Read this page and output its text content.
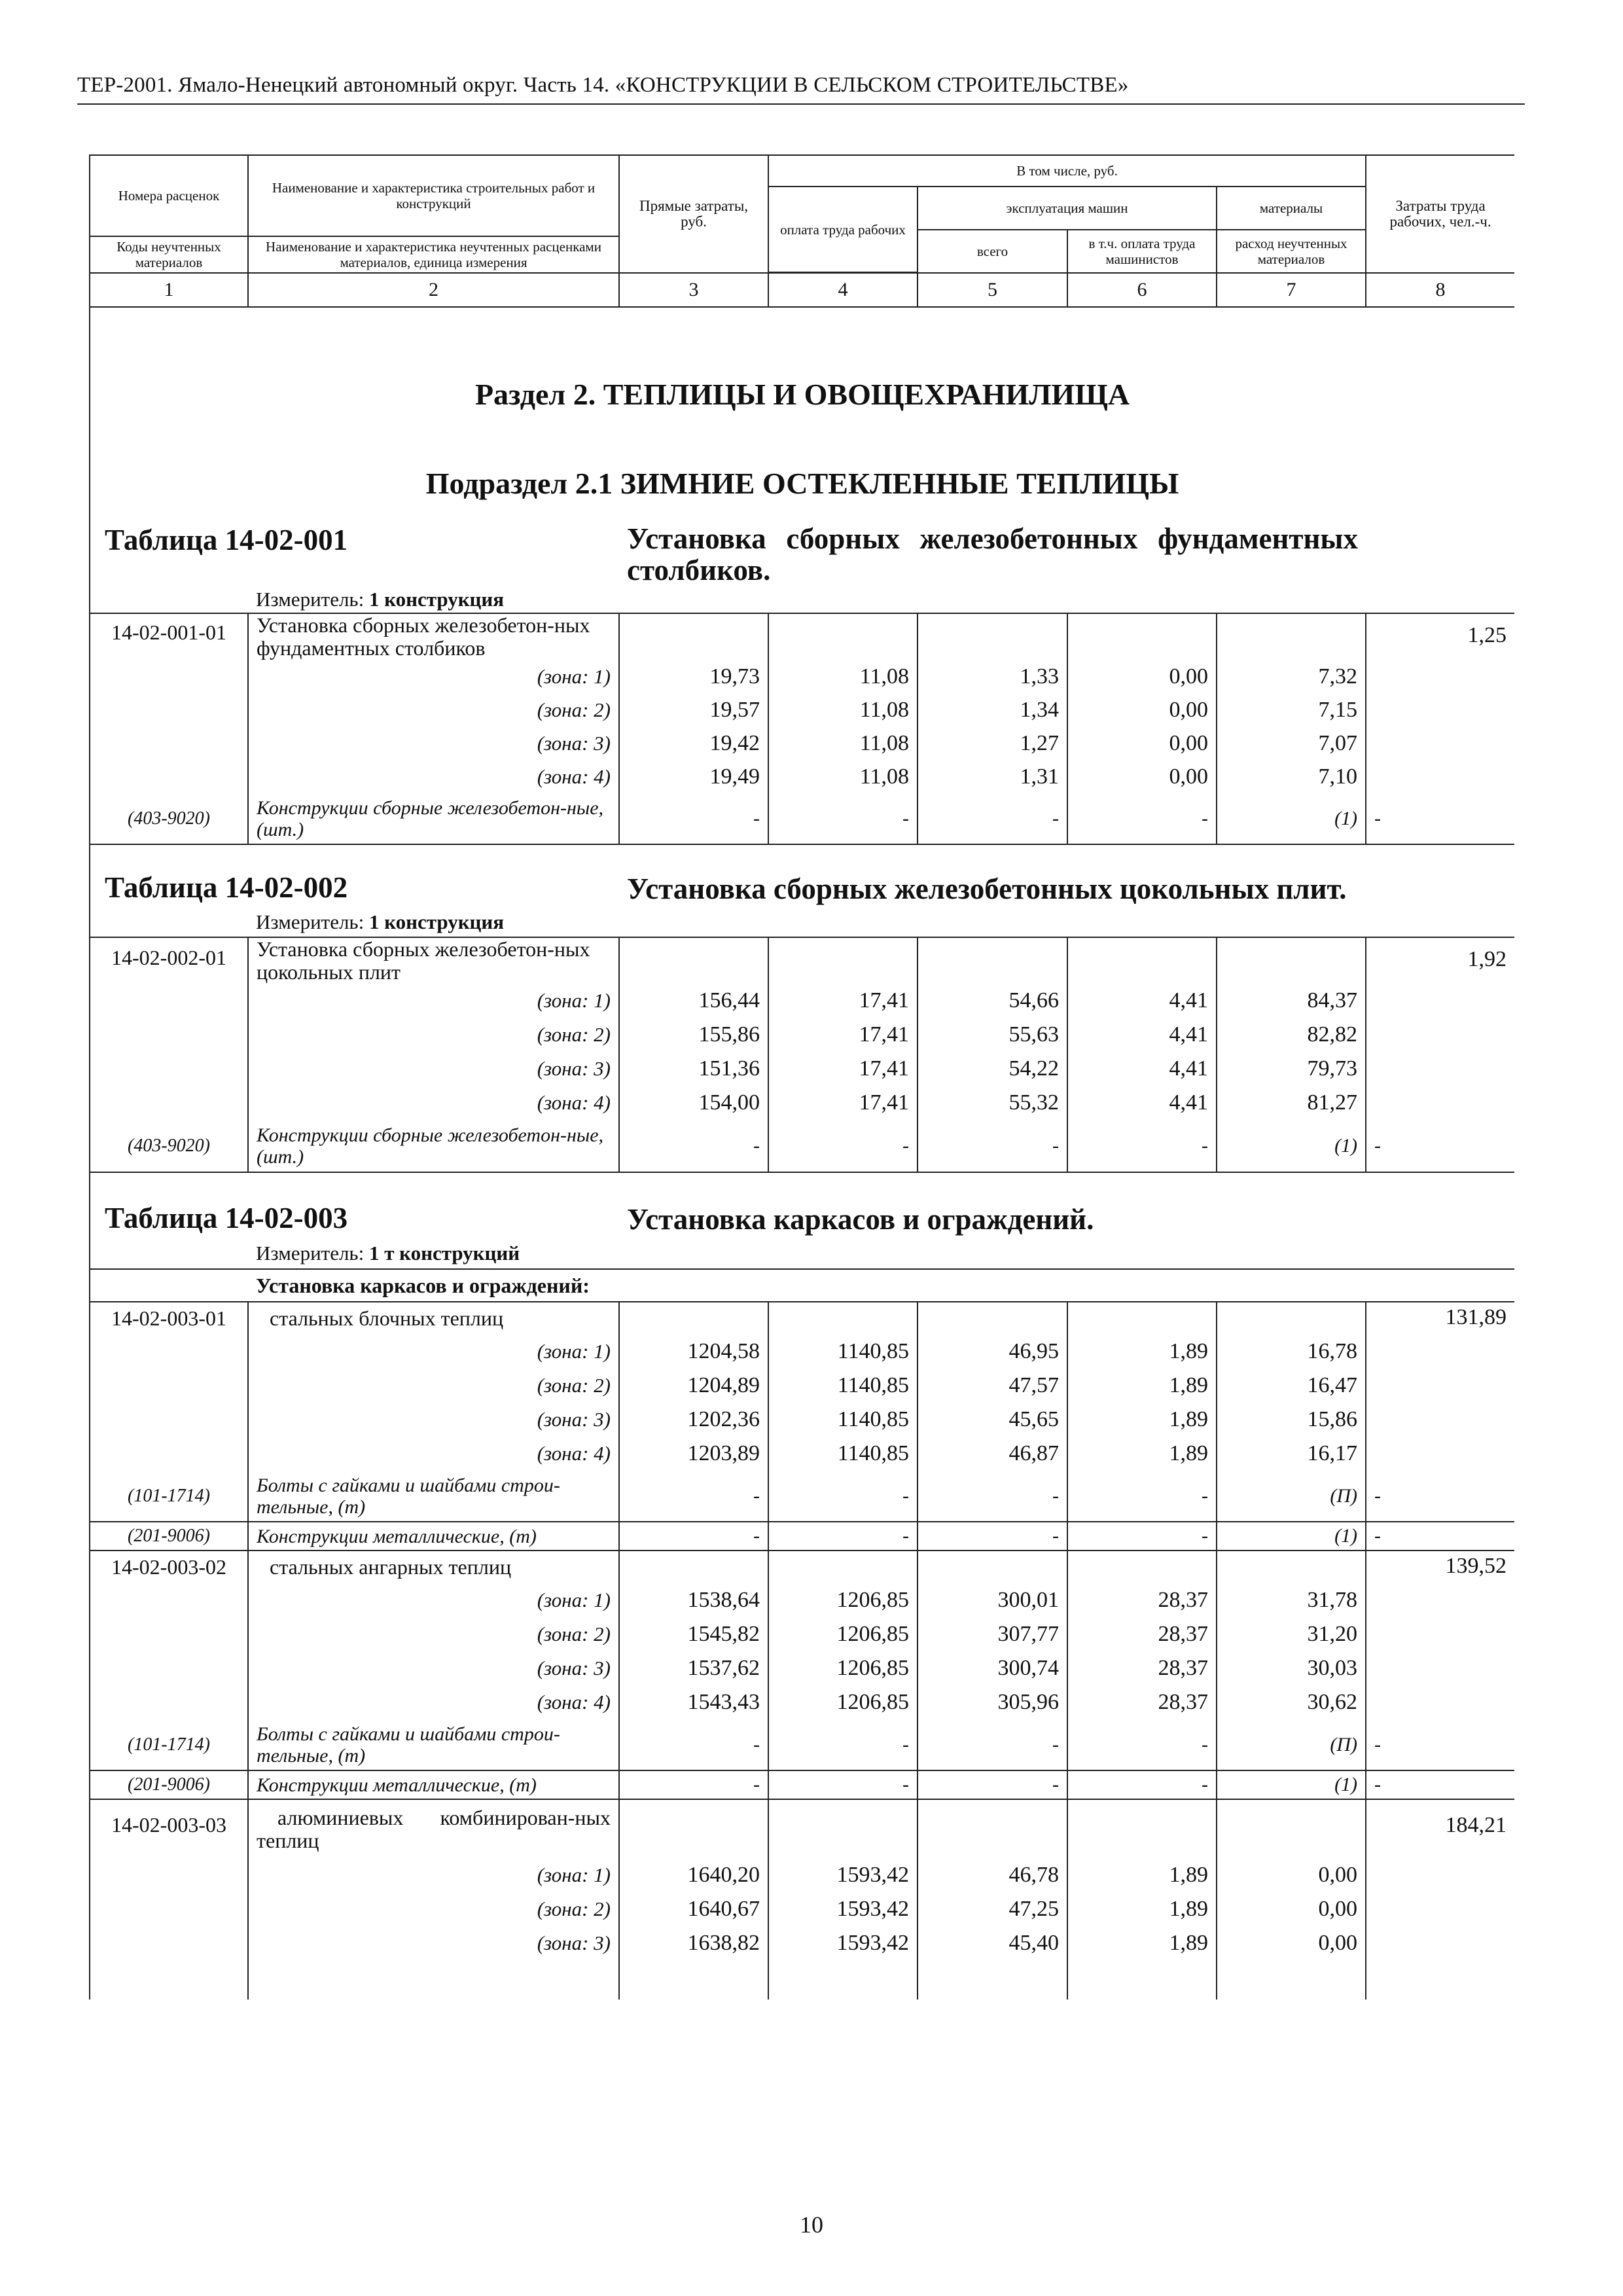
ТЕР-2001. Ямало-Ненецкий автономный округ. Часть 14. «КОНСТРУКЦИИ В СЕЛЬСКОМ СТРОИТЕЛЬСТВЕ»
Номера расценок	Наименование и характеристика строительных работ и конструкций	Прямые затраты, руб.	В том числе, руб.				Затраты труда рабочих, чел.-ч.
			оплата труда рабочих	эксплуатация машин		материалы	
				всего	в т.ч. оплата труда машинистов	расход неучтенных материалов	
Коды неучтенных материалов	Наименование и характеристика неучтенных расценками материалов, единица измерения						

1	2	3	4	5	6	7	8

Раздел 2. ТЕПЛИЦЫ И ОВОЩЕХРАНИЛИЩА							

Подраздел 2.1 ЗИМНИЕ ОСТЕКЛЕННЫЕ ТЕПЛИЦЫ							

Таблица 14-02-001		Установка сборных железобетонных фундаментных столбиков.					
	Измеритель: 1 конструкция						
14-02-001-01	Установка сборных железобетон-ных фундаментных столбиков						1,25
	(зона: 1)	19,73	11,08	1,33	0,00	7,32	
	(зона: 2)	19,57	11,08	1,34	0,00	7,15	
	(зона: 3)	19,42	11,08	1,27	0,00	7,07	
	(зона: 4)	19,49	11,08	1,31	0,00	7,10	
(403-9020)	Конструкции сборные железобетон-ные, (шт.)	-	-	-	-	(1)	-
Таблица 14-02-002		Установка сборных железобетонных цокольных плит.					
	Измеритель: 1 конструкция						
14-02-002-01	Установка сборных железобетон-ных цокольных плит						1,92
	(зона: 1)	156,44	17,41	54,66	4,41	84,37	
	(зона: 2)	155,86	17,41	55,63	4,41	82,82	
	(зона: 3)	151,36	17,41	54,22	4,41	79,73	
	(зона: 4)	154,00	17,41	55,32	4,41	81,27	
(403-9020)	Конструкции сборные железобетон-ные, (шт.)	-	-	-	-	(1)	-
Таблица 14-02-003		Установка каркасов и ограждений.					
	Измеритель: 1 т конструкций						
	Установка каркасов и ограждений:						
14-02-003-01	стальных блочных теплиц						131,89
	(зона: 1)	1204,58	1140,85	46,95	1,89	16,78	
	(зона: 2)	1204,89	1140,85	47,57	1,89	16,47	
	(зона: 3)	1202,36	1140,85	45,65	1,89	15,86	
	(зона: 4)	1203,89	1140,85	46,87	1,89	16,17	
(101-1714)	Болты с гайками и шайбами строи-тельные, (т)	-	-	-	-	(П)	-
(201-9006)	Конструкции металлические, (т)	-	-	-	-	(1)	-
14-02-003-02	стальных ангарных теплиц						139,52
	(зона: 1)	1538,64	1206,85	300,01	28,37	31,78	
	(зона: 2)	1545,82	1206,85	307,77	28,37	31,20	
	(зона: 3)	1537,62	1206,85	300,74	28,37	30,03	
	(зона: 4)	1543,43	1206,85	305,96	28,37	30,62	
(101-1714)	Болты с гайками и шайбами строи-тельные, (т)	-	-	-	-	(П)	-
(201-9006)	Конструкции металлические, (т)	-	-	-	-	(1)	-
14-02-003-03	алюминиевых комбинирован-ных теплиц						184,21
	(зона: 1)	1640,20	1593,42	46,78	1,89	0,00	
	(зона: 2)	1640,67	1593,42	47,25	1,89	0,00	
	(зона: 3)	1638,82	1593,42	45,40	1,89	0,00	

10
